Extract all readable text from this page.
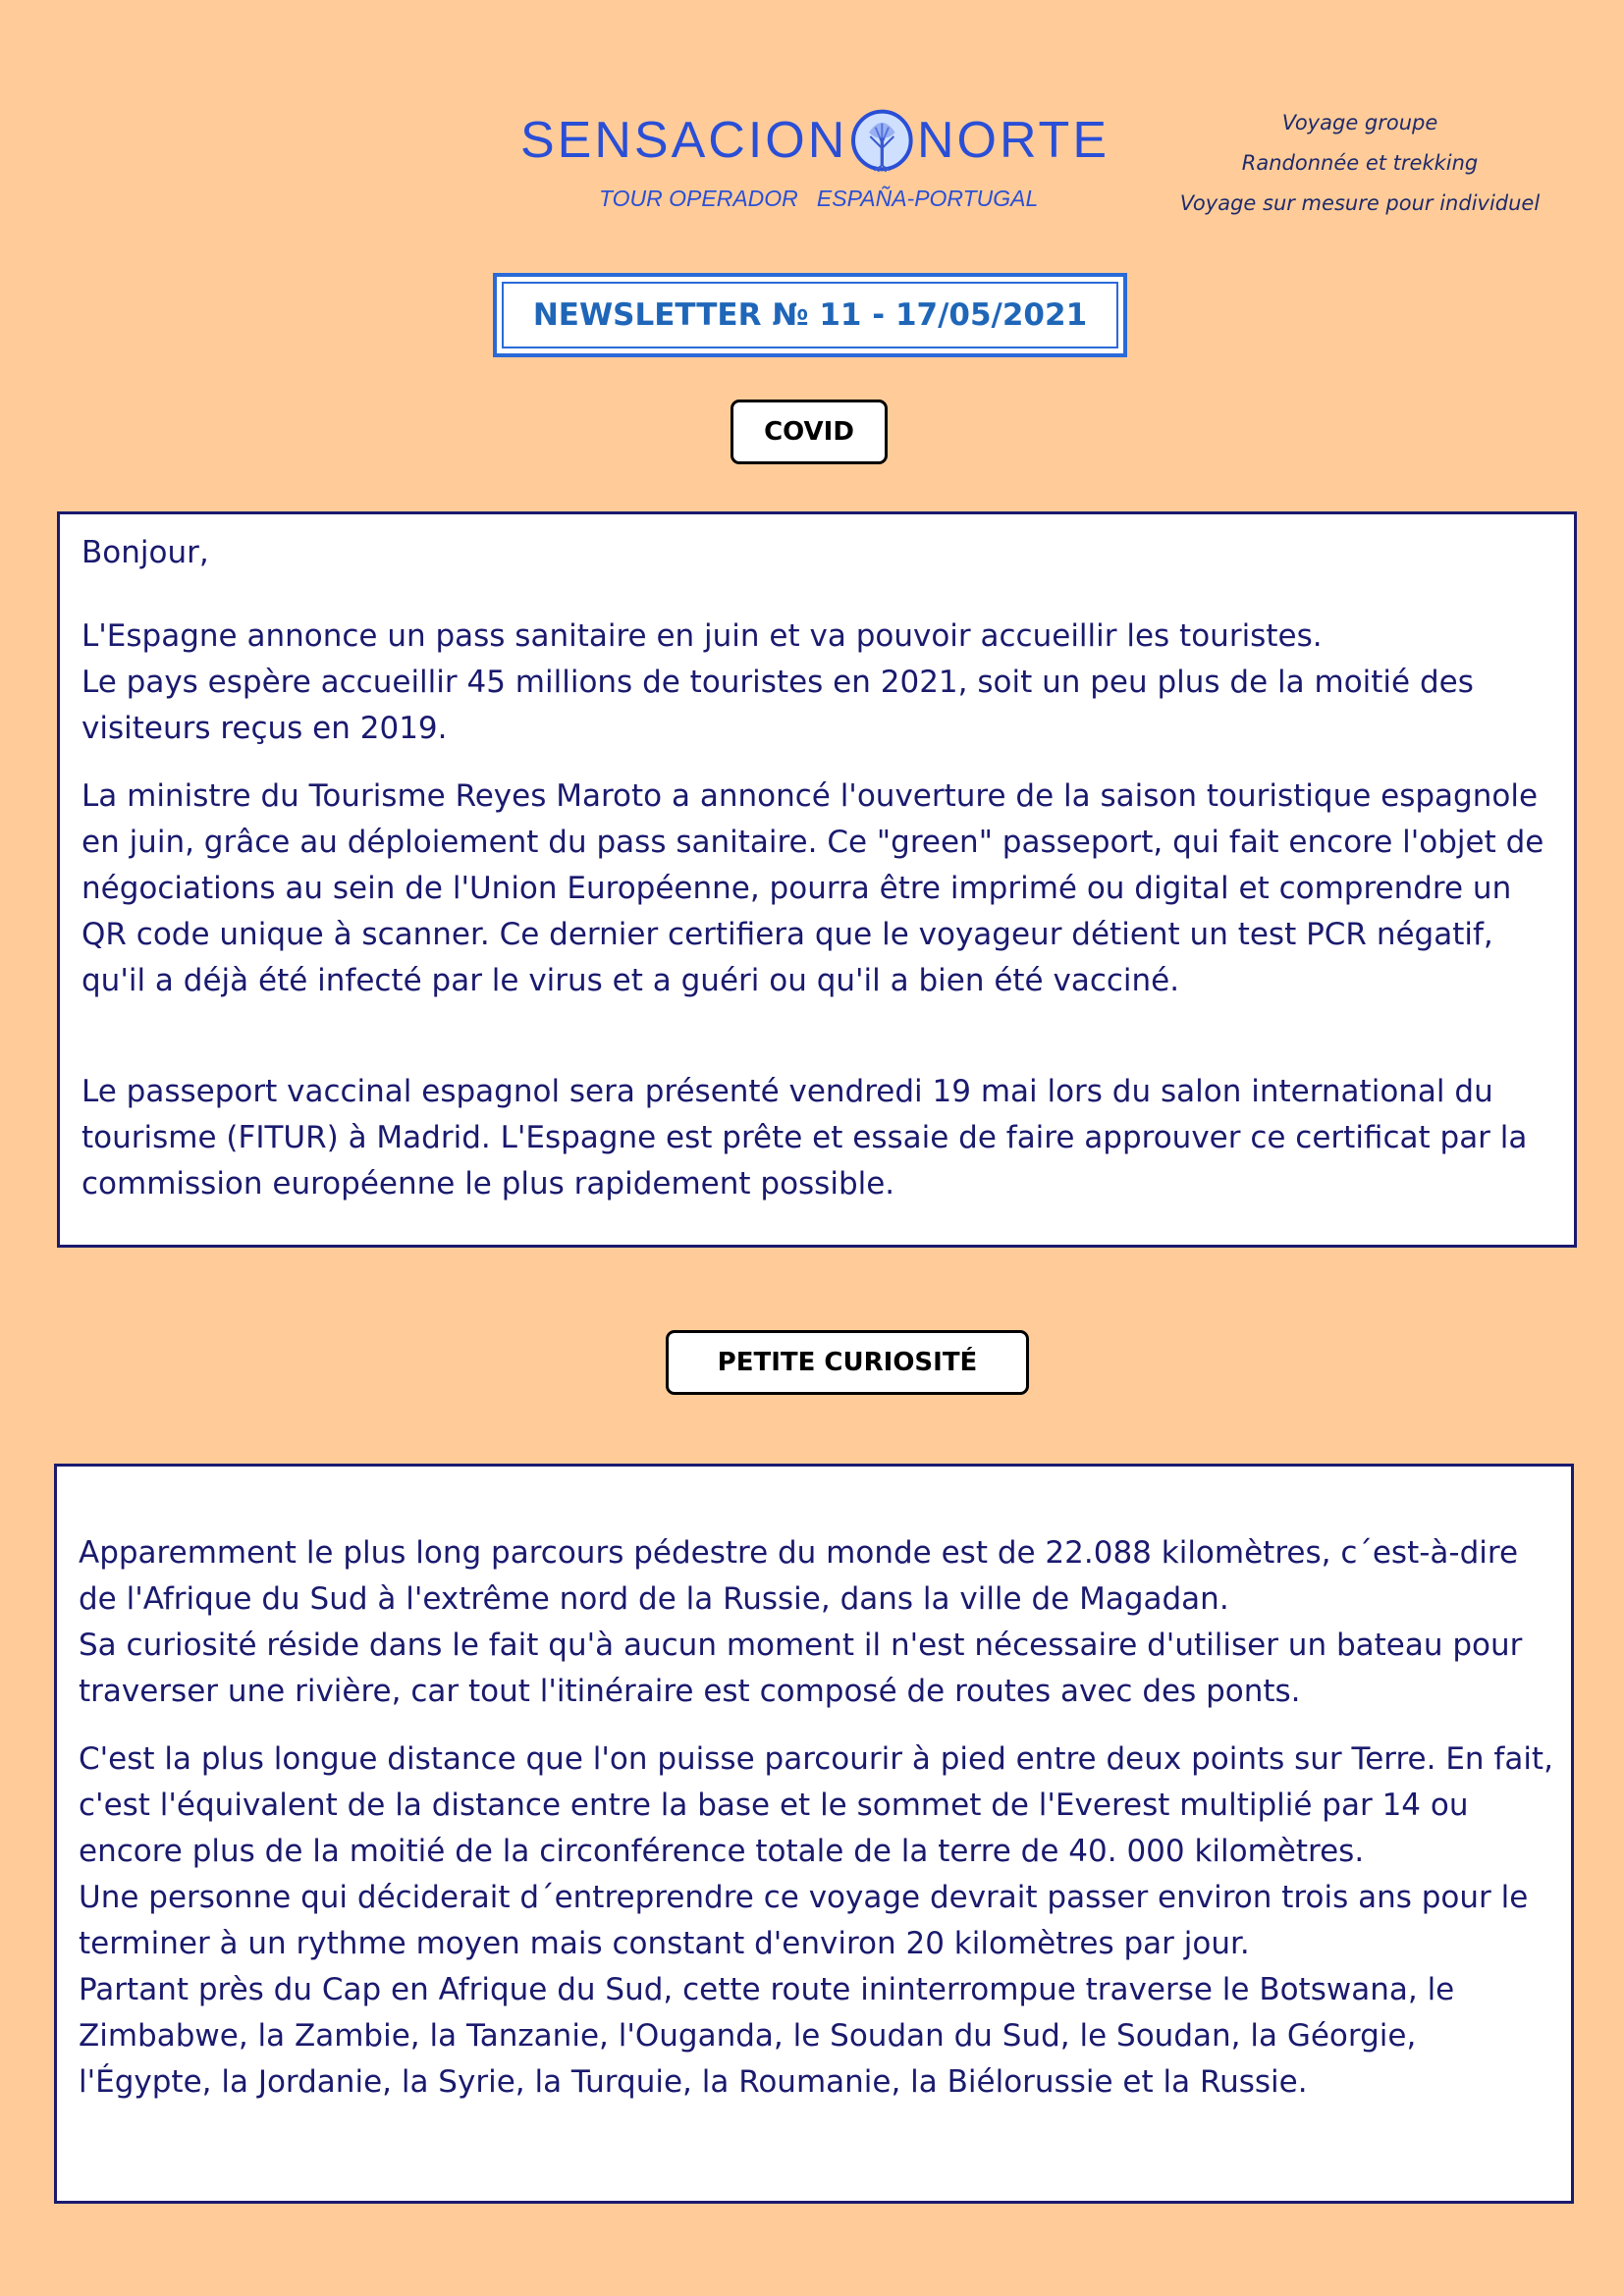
SENSACION NORTE
TOUR OPERADOR   ESPAÑA-PORTUGAL
Voyage groupe
Randonnée et trekking
Voyage sur mesure pour individuel
NEWSLETTER № 11 - 17/05/2021
COVID

Bonjour,

L'Espagne annonce un pass sanitaire en juin et va pouvoir accueillir les touristes.
Le pays espère accueillir 45 millions de touristes en 2021, soit un peu plus de la moitié des visiteurs reçus en 2019.

La ministre du Tourisme Reyes Maroto a annoncé l'ouverture de la saison touristique espagnole en juin, grâce au déploiement du pass sanitaire. Ce "green" passeport, qui fait encore l'objet de négociations au sein de l'Union Européenne, pourra être imprimé ou digital et comprendre un QR code unique à scanner. Ce dernier certifiera que le voyageur détient un test PCR négatif, qu'il a déjà été infecté par le virus et a guéri ou qu'il a bien été vacciné.

Le passeport vaccinal espagnol sera présenté vendredi 19 mai lors du salon international du tourisme (FITUR) à Madrid. L'Espagne est prête et essaie de faire approuver ce certificat par la commission européenne le plus rapidement possible.

PETITE CURIOSITÉ

Apparemment le plus long parcours pédestre du monde est de 22.088 kilomètres, c´est-à-dire de l'Afrique du Sud à l'extrême nord de la Russie, dans la ville de Magadan.
Sa curiosité réside dans le fait qu'à aucun moment il n'est nécessaire d'utiliser un bateau pour traverser une rivière, car tout l'itinéraire est composé de routes avec des ponts.

C'est la plus longue distance que l'on puisse parcourir à pied entre deux points sur Terre. En fait, c'est l'équivalent de la distance entre la base et le sommet de l'Everest multiplié par 14 ou encore plus de la moitié de la circonférence totale de la terre de 40. 000 kilomètres.
Une personne qui déciderait d´entreprendre ce voyage devrait passer environ trois ans pour le terminer à un rythme moyen mais constant d'environ 20 kilomètres par jour.
Partant près du Cap en Afrique du Sud, cette route ininterrompue traverse le Botswana, le Zimbabwe, la Zambie, la Tanzanie, l'Ouganda, le Soudan du Sud, le Soudan, la Géorgie, l'Égypte, la Jordanie, la Syrie, la Turquie, la Roumanie, la Biélorussie et la Russie.
